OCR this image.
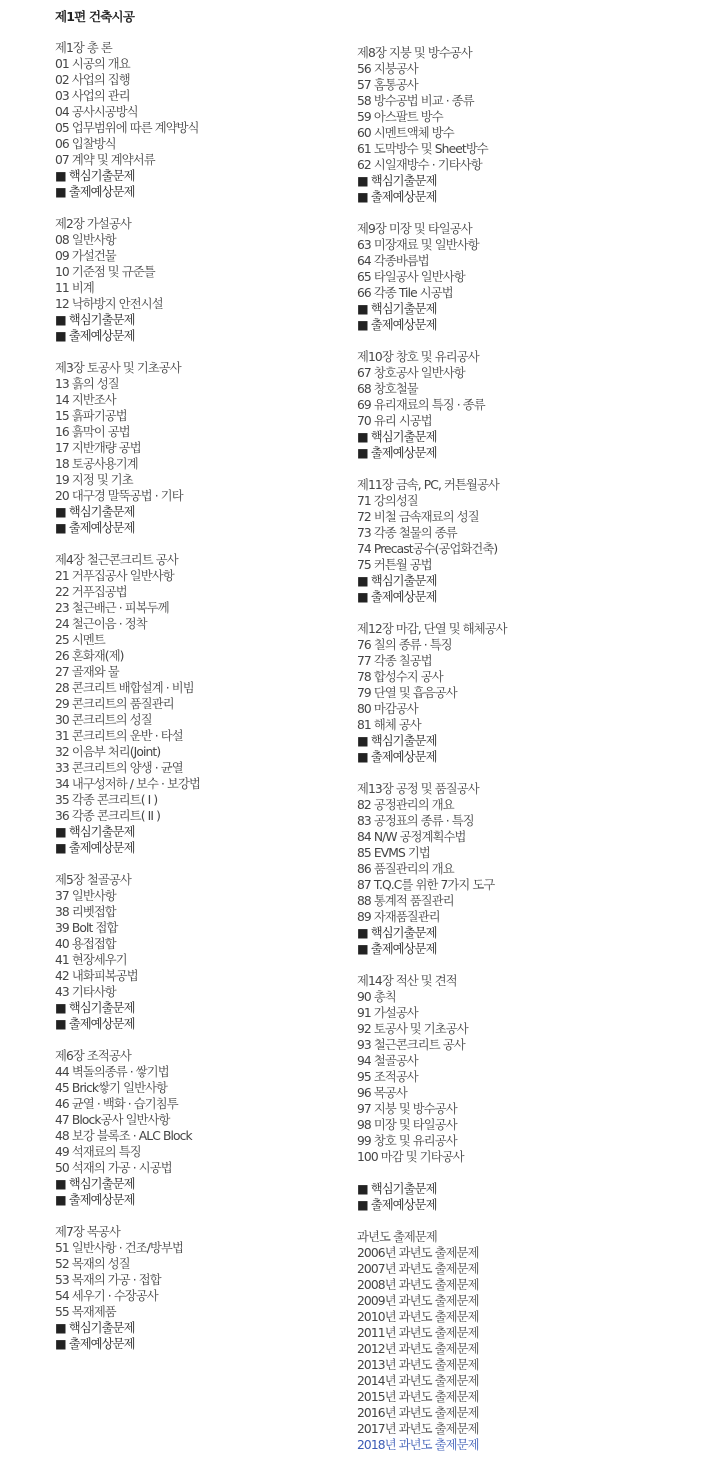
제1편 건축시공
제1장 총 론
01 시공의 개요
02 사업의 집행
03 사업의 관리
04 공사시공방식
05 업무범위에 따른 계약방식
06 입찰방식
07 계약 및 계약서류
■ 핵심기출문제
■ 출제예상문제
제2장 가설공사
08 일반사항
09 가설건물
10 기준점 및 규준틀
11 비계
12 낙하방지 안전시설
■ 핵심기출문제
■ 출제예상문제
제3장 토공사 및 기초공사
13 흙의 성질
14 지반조사
15 흙파기공법
16 흙막이 공법
17 지반개량 공법
18 토공사용기계
19 지정 및 기초
20 대구경 말뚝공법 · 기타
■ 핵심기출문제
■ 출제예상문제
제4장 철근콘크리트 공사
21 거푸집공사 일반사항
22 거푸집공법
23 철근배근 · 피복두께
24 철근이음 · 정착
25 시멘트
26 혼화재(제)
27 골재와 물
28 콘크리트 배합설계 · 비빔
29 콘크리트의 품질관리
30 콘크리트의 성질
31 콘크리트의 운반 · 타설
32 이음부 처리(Joint)
33 콘크리트의 양생 · 균열
34 내구성저하 / 보수 · 보강법
35 각종 콘크리트( I )
36 각종 콘크리트( II )
■ 핵심기출문제
■ 출제예상문제
제5장 철골공사
37 일반사항
38 리벳접합
39 Bolt 접합
40 용접접합
41 현장세우기
42 내화피복공법
43 기타사항
■ 핵심기출문제
■ 출제예상문제
제6장 조적공사
44 벽돌의종류 · 쌓기법
45 Brick쌓기 일반사항
46 균열 · 백화 · 습기침투
47 Block공사 일반사항
48 보강 블록조 · ALC Block
49 석재료의 특징
50 석재의 가공 · 시공법
■ 핵심기출문제
■ 출제예상문제
제7장 목공사
51 일반사항 · 건조/방부법
52 목재의 성질
53 목재의 가공 · 접합
54 세우기 · 수장공사
55 목재제품
■ 핵심기출문제
■ 출제예상문제
제8장 지붕 및 방수공사
56 지붕공사
57 홈통공사
58 방수공법 비교 · 종류
59 아스팔트 방수
60 시멘트액체 방수
61 도막방수 및 Sheet방수
62 시일재방수 · 기타사항
■ 핵심기출문제
■ 출제예상문제
제9장 미장 및 타일공사
63 미장재료 및 일반사항
64 각종바름법
65 타일공사 일반사항
66 각종 Tile 시공법
■ 핵심기출문제
■ 출제예상문제
제10장 창호 및 유리공사
67 창호공사 일반사항
68 창호철물
69 유리재료의 특징 · 종류
70 유리 시공법
■ 핵심기출문제
■ 출제예상문제
제11장 금속, PC, 커튼월공사
71 강의성질
72 비철 금속재료의 성질
73 각종 철물의 종류
74 Precast공수(공업화건축)
75 커튼월 공법
■ 핵심기출문제
■ 출제예상문제
제12장 마감, 단열 및 해체공사
76 칠의 종류 · 특징
77 각종 칠공법
78 합성수지 공사
79 단열 및 흡음공사
80 마감공사
81 해체 공사
■ 핵심기출문제
■ 출제예상문제
제13장 공정 및 품질공사
82 공정관리의 개요
83 공정표의 종류 · 특징
84 N/W 공정계획수법
85 EVMS 기법
86 품질관리의 개요
87 T.Q.C를 위한 7가지 도구
88 통계적 품질관리
89 자재품질관리
■ 핵심기출문제
■ 출제예상문제
제14장 적산 및 견적
90 총칙
91 가설공사
92 토공사 및 기초공사
93 철근콘크리트 공사
94 철골공사
95 조적공사
96 목공사
97 지붕 및 방수공사
98 미장 및 타일공사
99 창호 및 유리공사
100 마감 및 기타공사
■ 핵심기출문제
■ 출제예상문제
과년도 출제문제
2006년 과년도 출제문제
2007년 과년도 출제문제
2008년 과년도 출제문제
2009년 과년도 출제문제
2010년 과년도 출제문제
2011년 과년도 출제문제
2012년 과년도 출제문제
2013년 과년도 출제문제
2014년 과년도 출제문제
2015년 과년도 출제문제
2016년 과년도 출제문제
2017년 과년도 출제문제
2018년 과년도 출제문제
